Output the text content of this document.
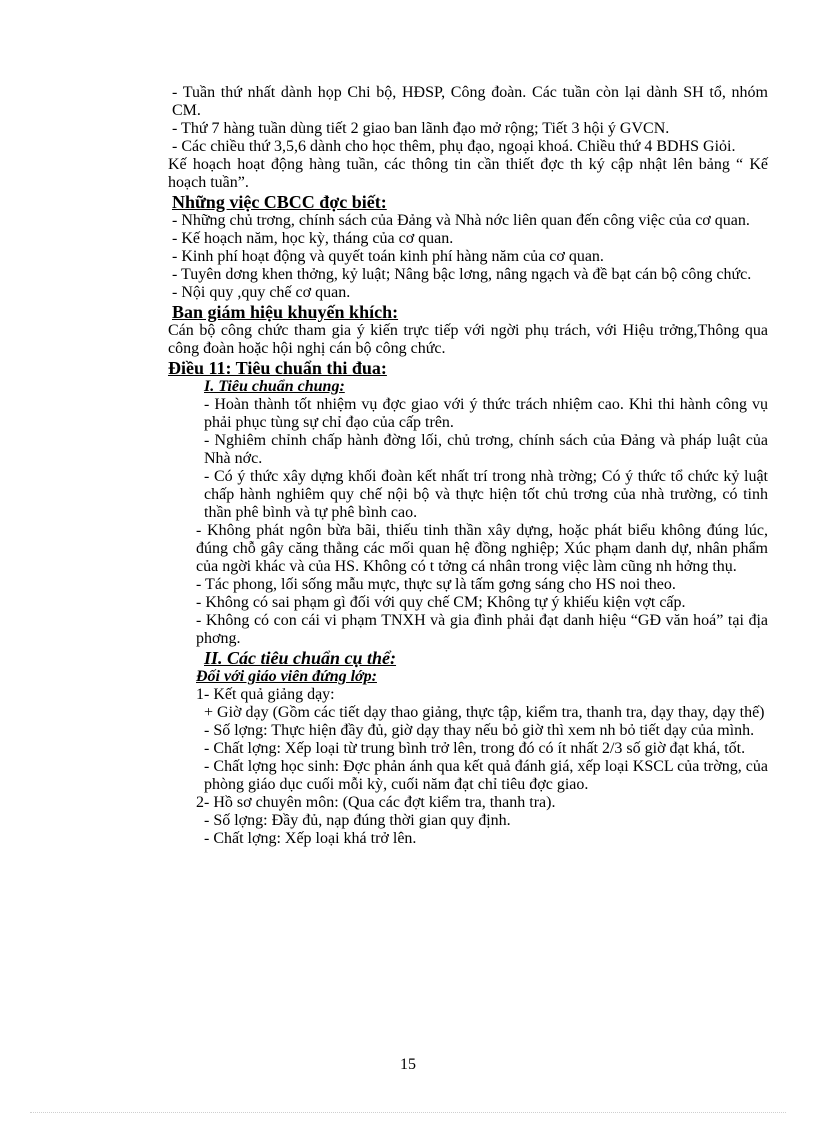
- Tuần thứ nhất dành họp Chi bộ, HĐSP, Công đoàn. Các tuần còn lại dành SH tổ, nhóm CM.

- Thứ 7 hàng tuần dùng tiết 2 giao ban lãnh đạo mở rộng; Tiết 3 hội ý GVCN.

- Các chiều thứ 3,5,6 dành cho học thêm, phụ đạo, ngoại khoá. Chiều thứ 4 BDHS Giỏi.

Kế hoạch hoạt động hàng tuần, các thông tin cần thiết đợc th ký cập nhật lên bảng “ Kế hoạch tuần”.

Những việc CBCC đợc biết:

- Những chủ trơng, chính sách của Đảng và Nhà nớc liên quan đến công việc của cơ quan.

- Kế hoạch năm, học kỳ, tháng của cơ quan.

- Kinh phí hoạt động và quyết toán kinh phí hàng năm của cơ quan.

- Tuyên dơng khen thởng, kỷ luật; Nâng bậc lơng, nâng ngạch và đề bạt cán bộ công chức.

- Nội quy ,quy chế cơ quan.

Ban giám hiệu khuyến khích:

Cán bộ công chức tham gia ý kiến trực tiếp với ngời phụ trách, với Hiệu trởng,Thông qua công đoàn hoặc hội nghị cán bộ công chức.

Điều 11: Tiêu chuẩn thi đua:

I. Tiêu chuẩn chung:

- Hoàn thành tốt nhiệm vụ đợc giao với ý thức trách nhiệm cao. Khi thi hành công vụ phải phục tùng sự chỉ đạo của cấp trên.

- Nghiêm chỉnh chấp hành đờng lối, chủ trơng, chính sách của Đảng và pháp luật của Nhà nớc.

- Có ý thức xây dựng khối đoàn kết nhất trí trong nhà trờng; Có ý thức tổ chức kỷ luật chấp hành nghiêm quy chế nội bộ và thực hiện tốt chủ trơng của nhà trường, có tinh thần phê bình và tự phê bình cao.

- Không phát ngôn bừa bãi, thiếu tinh thần xây dựng, hoặc phát biểu không đúng lúc, đúng chỗ gây căng thẳng các mối quan hệ đồng nghiệp; Xúc phạm danh dự, nhân phẩm của ngời khác và của HS. Không có t tởng cá nhân trong việc làm cũng nh hởng thụ.

- Tác phong, lối sống mẫu mực, thực sự là tấm gơng sáng cho HS noi theo.

- Không có sai phạm gì đối với quy chế CM; Không tự ý khiếu kiện vợt cấp.

- Không có con cái vi phạm TNXH và gia đình phải đạt danh hiệu “GĐ văn hoá” tại địa phơng.

II. Các tiêu chuẩn cụ thể:

Đối với giáo viên đứng lớp:

1- Kết quả giảng dạy:

+ Giờ dạy (Gồm các tiết dạy thao giảng, thực tập, kiểm tra, thanh tra, dạy thay, dạy thế)

- Số lợng: Thực hiện đầy đủ, giờ dạy thay nếu bỏ giờ thì xem nh bỏ tiết dạy của mình.

- Chất lợng: Xếp loại từ trung bình trở lên, trong đó có ít nhất 2/3 số giờ đạt khá, tốt.

- Chất lợng học sinh: Đợc phản ánh qua kết quả đánh giá, xếp loại KSCL của trờng, của phòng giáo dục cuối mỗi kỳ, cuối năm đạt chỉ tiêu đợc giao.

2- Hồ sơ chuyên môn: (Qua các đợt kiểm tra, thanh tra).

- Số lợng: Đầy đủ, nạp đúng thời gian quy định.

- Chất lợng: Xếp loại khá trở lên.

15
